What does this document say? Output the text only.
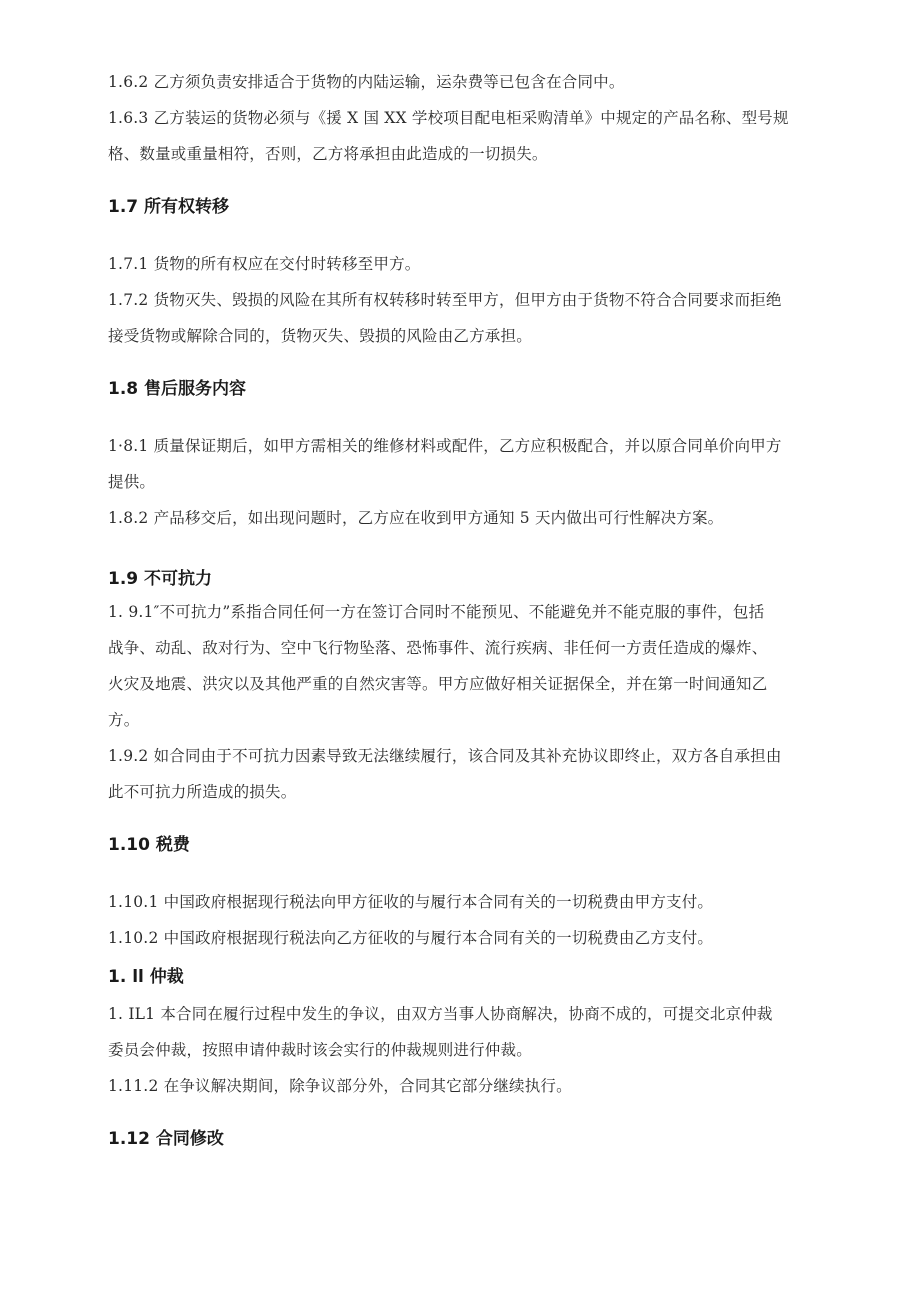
1.6.2 乙方须负责安排适合于货物的内陆运输，运杂费等已包含在合同中。

1.6.3 乙方装运的货物必须与《援 X 国 XX 学校项目配电柜采购清单》中规定的产品名称、型号规

格、数量或重量相符，否则，乙方将承担由此造成的一切损失。

1.7 所有权转移

1.7.1 货物的所有权应在交付时转移至甲方。

1.7.2 货物灭失、毁损的风险在其所有权转移时转至甲方，但甲方由于货物不符合合同要求而拒绝

接受货物或解除合同的，货物灭失、毁损的风险由乙方承担。

1.8 售后服务内容

1·8.1 质量保证期后，如甲方需相关的维修材料或配件，乙方应积极配合，并以原合同单价向甲方

提供。

1.8.2 产品移交后，如出现问题时，乙方应在收到甲方通知 5 天内做出可行性解决方案。

1.9 不可抗力

1. 9.1″不可抗力”系指合同任何一方在签订合同时不能预见、不能避免并不能克服的事件，包括

战争、动乱、敌对行为、空中飞行物坠落、恐怖事件、流行疾病、非任何一方责任造成的爆炸、

火灾及地震、洪灾以及其他严重的自然灾害等。甲方应做好相关证据保全，并在第一时间通知乙

方。

1.9.2 如合同由于不可抗力因素导致无法继续履行，该合同及其补充协议即终止，双方各自承担由

此不可抗力所造成的损失。

1.10 税费

1.10.1 中国政府根据现行税法向甲方征收的与履行本合同有关的一切税费由甲方支付。

1.10.2 中国政府根据现行税法向乙方征收的与履行本合同有关的一切税费由乙方支付。

1. ll 仲裁

1. IL1 本合同在履行过程中发生的争议，由双方当事人协商解决，协商不成的，可提交北京仲裁

委员会仲裁，按照申请仲裁时该会实行的仲裁规则进行仲裁。

1.11.2 在争议解决期间，除争议部分外，合同其它部分继续执行。

1.12 合同修改
